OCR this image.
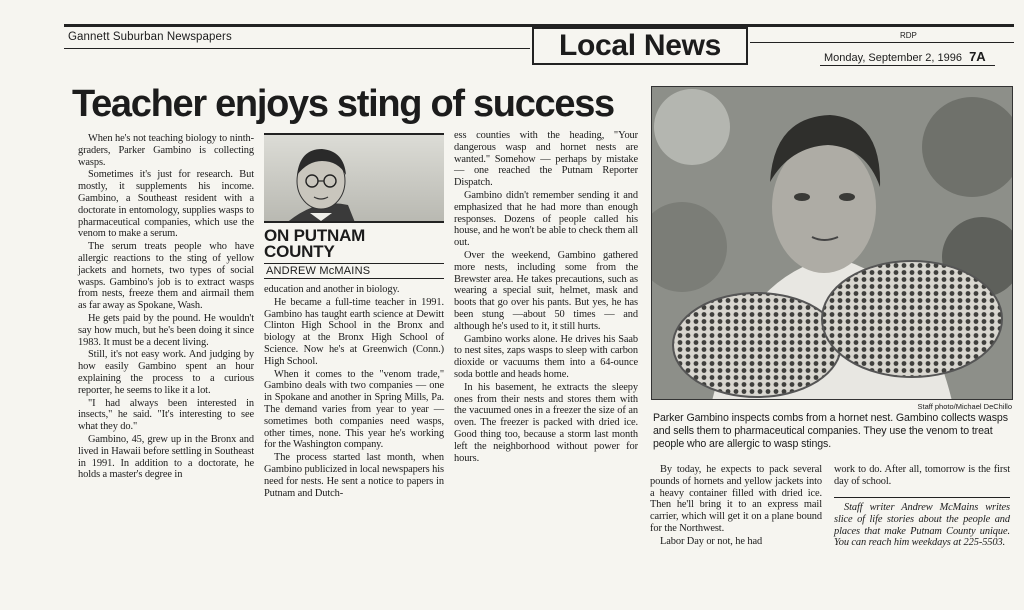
Gannett Suburban Newspapers	Local News	RDP
Monday, September 2, 1996 7A
Teacher enjoys sting of success

When he's not teaching biology to ninth-graders, Parker Gambino is collecting wasps.

Sometimes it's just for research. But mostly, it supplements his income. Gambino, a Southeast resident with a doctorate in entomology, supplies wasps to pharmaceutical companies, which use the venom to make a serum.

The serum treats people who have allergic reactions to the sting of yellow jackets and hornets, two types of social wasps. Gambino's job is to extract wasps from nests, freeze them and airmail them as far away as Spokane, Wash.

He gets paid by the pound. He wouldn't say how much, but he's been doing it since 1983. It must be a decent living.

Still, it's not easy work. And judging by how easily Gambino spent an hour explaining the process to a curious reporter, he seems to like it a lot.

"I had always been interested in insects," he said. "It's interesting to see what they do."

Gambino, 45, grew up in the Bronx and lived in Hawaii before settling in Southeast in 1991. In addition to a doctorate, he holds a master's degree in

ON PUTNAM
COUNTY
ANDREW McMAINS

education and another in biology.

He became a full-time teacher in 1991. Gambino has taught earth science at Dewitt Clinton High School in the Bronx and biology at the Bronx High School of Science. Now he's at Greenwich (Conn.) High School.

When it comes to the "venom trade," Gambino deals with two companies — one in Spokane and another in Spring Mills, Pa. The demand varies from year to year — sometimes both companies need wasps, other times, none. This year he's working for the Washington company.

The process started last month, when Gambino publicized in local newspapers his need for nests. He sent a notice to papers in Putnam and Dutch-

ess counties with the heading, "Your dangerous wasp and hornet nests are wanted." Somehow — perhaps by mistake — one reached the Putnam Reporter Dispatch.

Gambino didn't remember sending it and emphasized that he had more than enough responses. Dozens of people called his house, and he won't be able to check them all out.

Over the weekend, Gambino gathered more nests, including some from the Brewster area. He takes precautions, such as wearing a special suit, helmet, mask and boots that go over his pants. But yes, he has been stung —about 50 times — and although he's used to it, it still hurts.

Gambino works alone. He drives his Saab to nest sites, zaps wasps to sleep with carbon dioxide or vacuums them into a 64-ounce soda bottle and heads home.

In his basement, he extracts the sleepy ones from their nests and stores them with the vacuumed ones in a freezer the size of an oven. The freezer is packed with dried ice. Good thing too, because a storm last month left the neighborhood without power for hours.

Staff photo/Michael DeChillo
Parker Gambino inspects combs from a hornet nest. Gambino collects wasps and sells them to pharmaceutical companies. They use the venom to treat people who are allergic to wasp stings.

By today, he expects to pack several pounds of hornets and yellow jackets into a heavy container filled with dried ice. Then he'll bring it to an express mail carrier, which will get it on a plane bound for the Northwest.

Labor Day or not, he had

work to do. After all, tomorrow is the first day of school.

Staff writer Andrew McMains writes slice of life stories about the people and places that make Putnam County unique. You can reach him weekdays at 225-5503.
